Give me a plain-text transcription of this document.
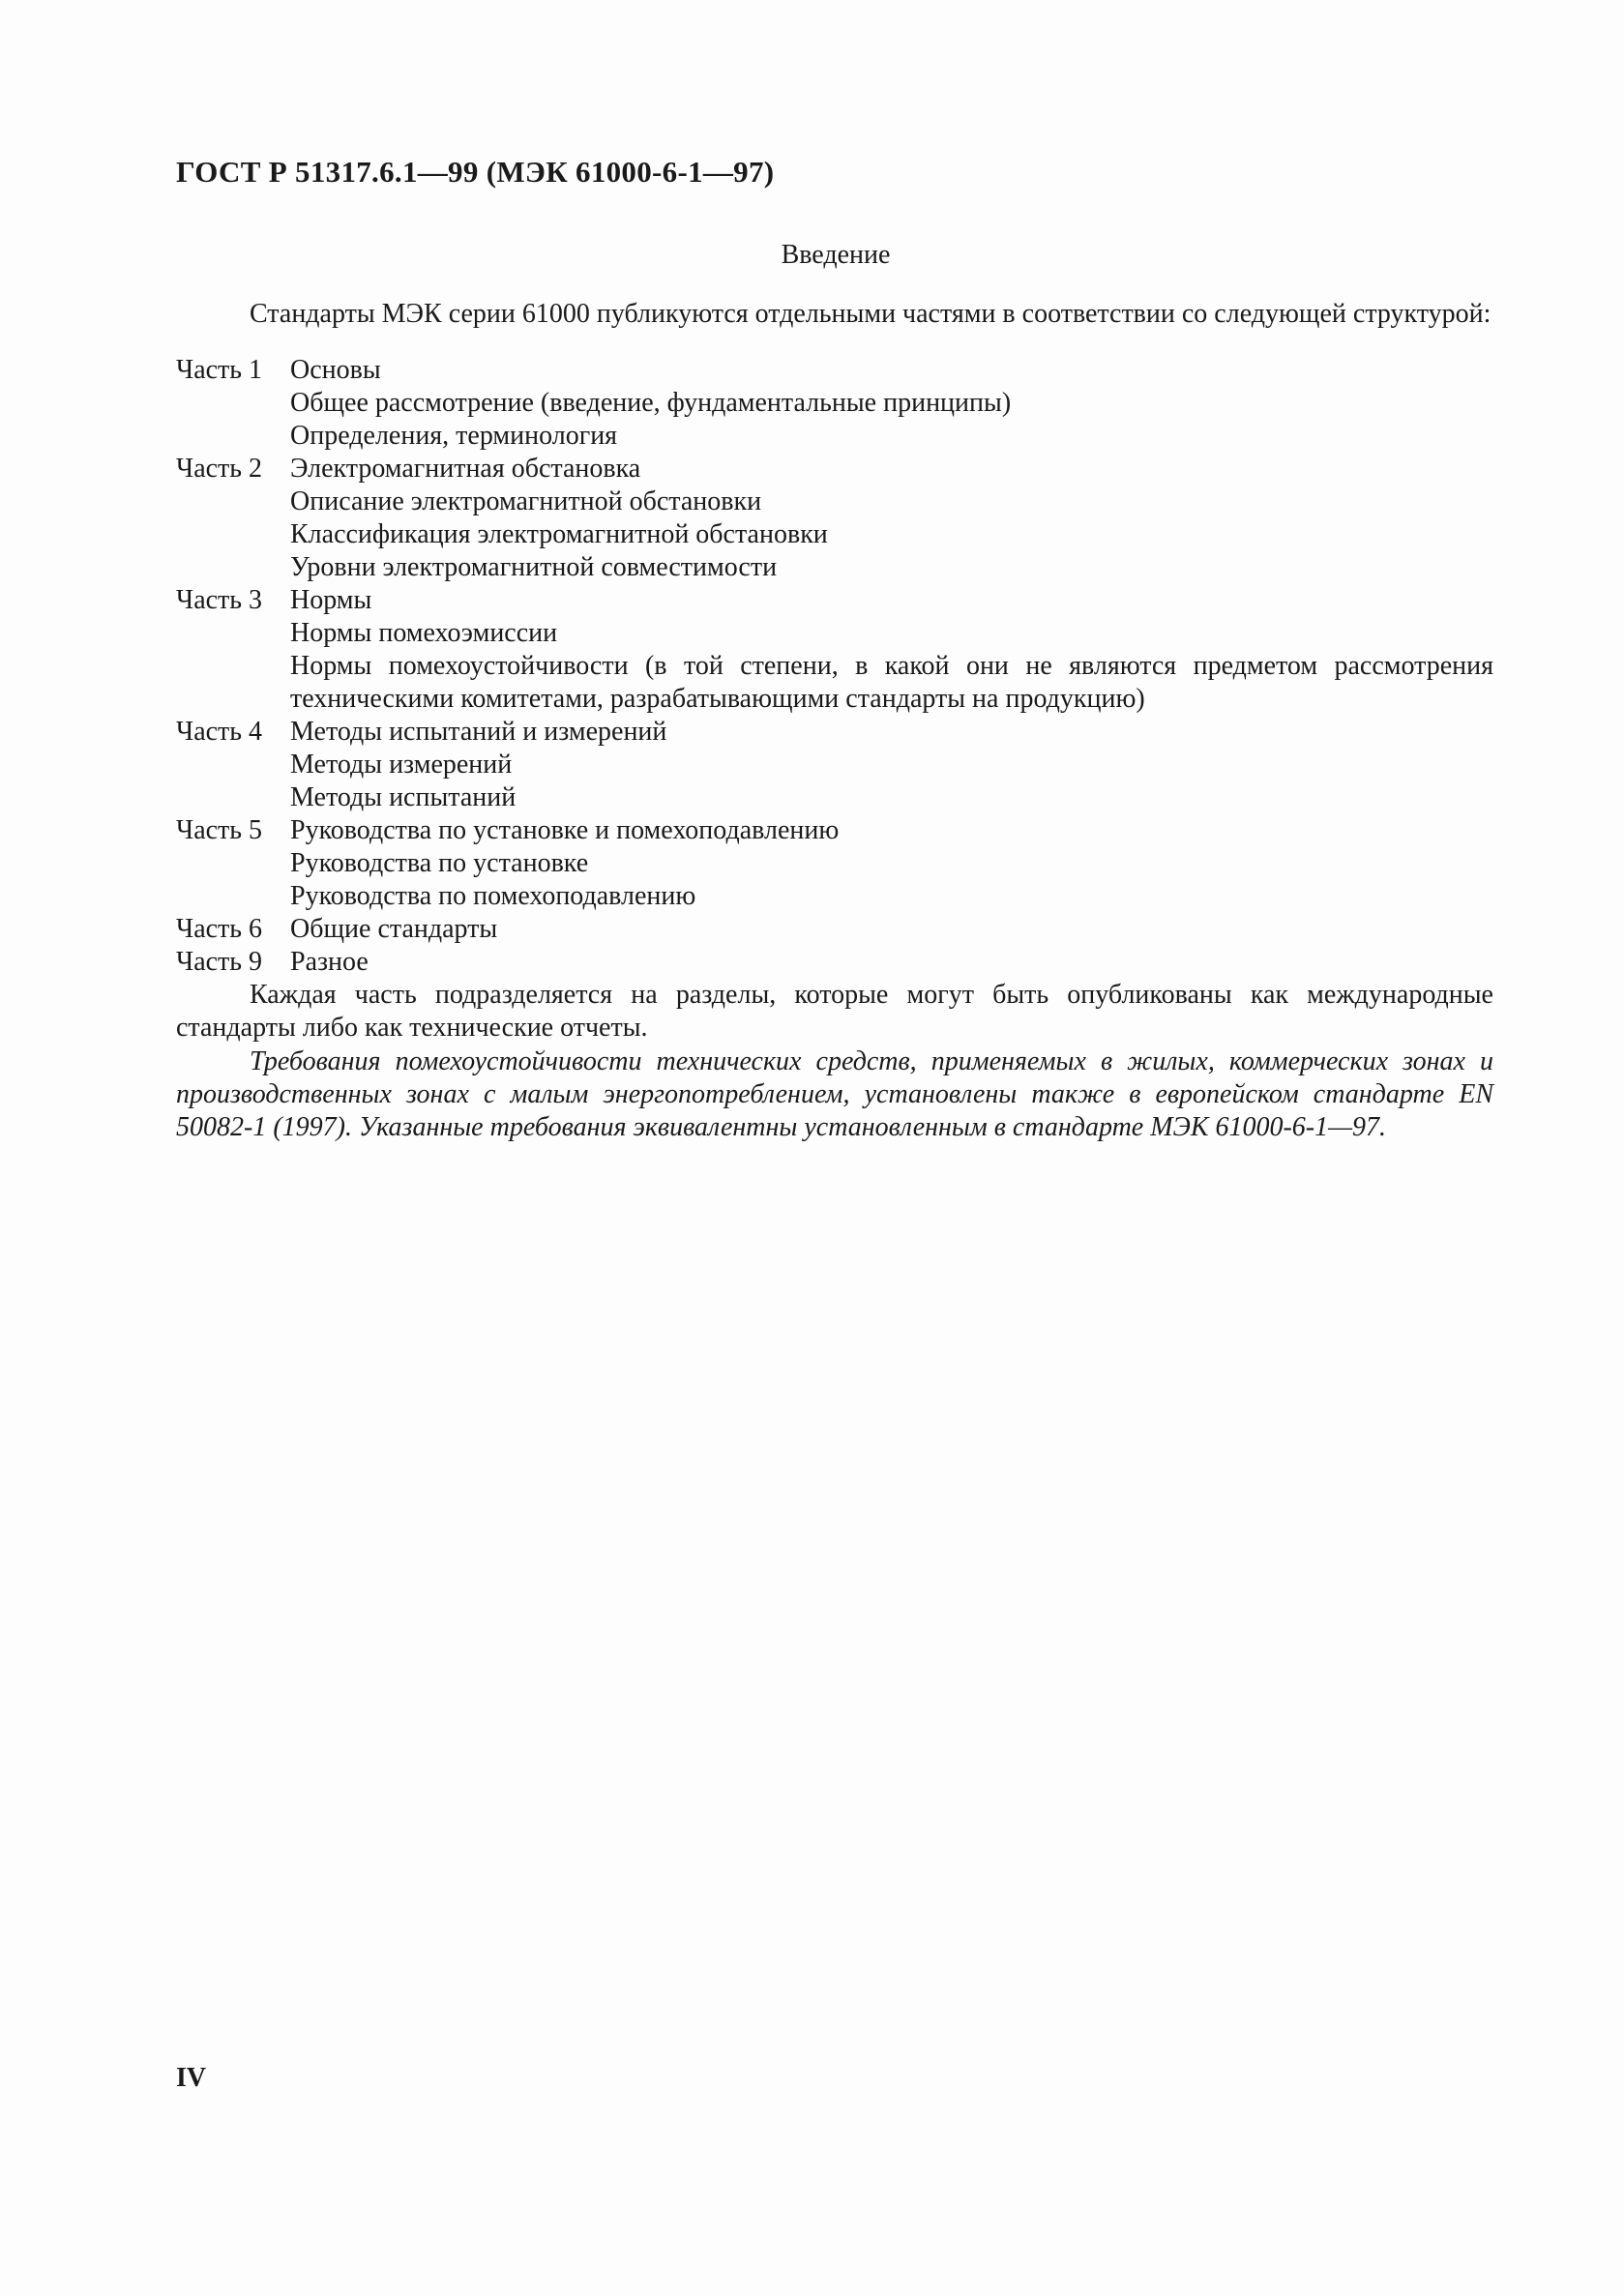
ГОСТ Р 51317.6.1—99 (МЭК 61000-6-1—97)
Введение

Стандарты МЭК серии 61000 публикуются отдельными частями в соответствии со следующей структурой:

Часть 1	Основы
Общее рассмотрение (введение, фундаментальные принципы)
Определения, терминология
Часть 2	Электромагнитная обстановка
Описание электромагнитной обстановки
Классификация электромагнитной обстановки
Уровни электромагнитной совместимости
Часть 3	Нормы
Нормы помехоэмиссии
Нормы помехоустойчивости (в той степени, в какой они не являются предметом рассмотрения техническими комитетами, разрабатывающими стандарты на продукцию)
Часть 4	Методы испытаний и измерений
Методы измерений
Методы испытаний
Часть 5	Руководства по установке и помехоподавлению
Руководства по установке
Руководства по помехоподавлению
Часть 6	Общие стандарты
Часть 9	Разное

Каждая часть подразделяется на разделы, которые могут быть опубликованы как международные стандарты либо как технические отчеты.

Требования помехоустойчивости технических средств, применяемых в жилых, коммерческих зонах и производственных зонах с малым энергопотреблением, установлены также в европейском стандарте EN 50082-1 (1997). Указанные требования эквивалентны установленным в стандарте МЭК 61000-6-1—97.

IV
